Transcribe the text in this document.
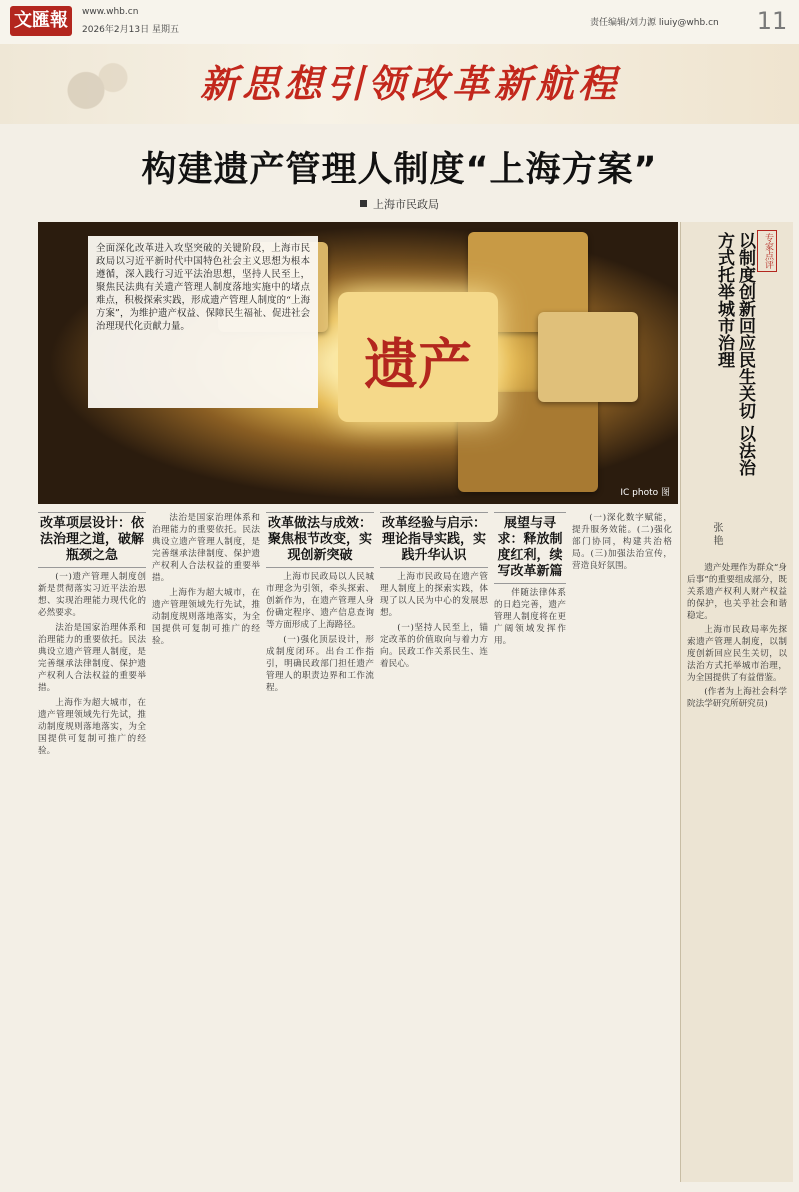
文匯報	www.whb.cn
2026年2月13日 星期五
责任编辑/刘力源 liuiy@whb.cn 11
新思想引领改革新航程
构建遗产管理人制度“上海方案”
上海市民政局
遗产
IC photo 图
全面深化改革进入攻坚突破的关键阶段，上海市民政局以习近平新时代中国特色社会主义思想为根本遵循，深入践行习近平法治思想，坚持人民至上，聚焦民法典有关遗产管理人制度落地实施中的堵点难点，积极探索实践，形成遗产管理人制度的“上海方案”，为维护遗产权益、保障民生福祉、促进社会治理现代化贡献力量。

改革项层设计：依法治理之道，破解瓶颈之急

(一)遗产管理人制度创新是贯彻落实习近平法治思想、实现治理能力现代化的必然要求。

法治是国家治理体系和治理能力的重要依托。民法典设立遗产管理人制度，是完善继承法律制度、保护遗产权利人合法权益的重要举措。

上海作为超大城市，在遗产管理领域先行先试，推动制度规则落地落实，为全国提供可复制可推广的经验。

法治是国家治理体系和治理能力的重要依托。民法典设立遗产管理人制度，是完善继承法律制度、保护遗产权利人合法权益的重要举措。

上海作为超大城市，在遗产管理领域先行先试，推动制度规则落地落实，为全国提供可复制可推广的经验。

改革做法与成效：聚焦根节改变，实现创新突破

上海市民政局以人民城市理念为引领，牵头探索、创新作为，在遗产管理人身份确定程序、遗产信息查询等方面形成了上海路径。

(一)强化顶层设计，形成制度闭环。出台工作指引，明确民政部门担任遗产管理人的职责边界和工作流程。

改革经验与启示：理论指导实践，实践升华认识

上海市民政局在遗产管理人制度上的探索实践，体现了以人民为中心的发展思想。

(一)坚持人民至上，锚定改革的价值取向与着力方向。民政工作关系民生、连着民心。

展望与寻求：释放制度红利，续写改革新篇

伴随法律体系的日趋完善，遗产管理人制度将在更广阔领域发挥作用。

(一)深化数字赋能，提升服务效能。(二)强化部门协同，构建共治格局。(三)加强法治宣传，营造良好氛围。

专家点评
以制度创新回应民生关切 以法治方式托举城市治理
张 艳

遗产处理作为群众“身后事”的重要组成部分，既关系遗产权利人财产权益的保护，也关乎社会和谐稳定。

上海市民政局率先探索遗产管理人制度，以制度创新回应民生关切，以法治方式托举城市治理，为全国提供了有益借鉴。

(作者为上海社会科学院法学研究所研究员)
